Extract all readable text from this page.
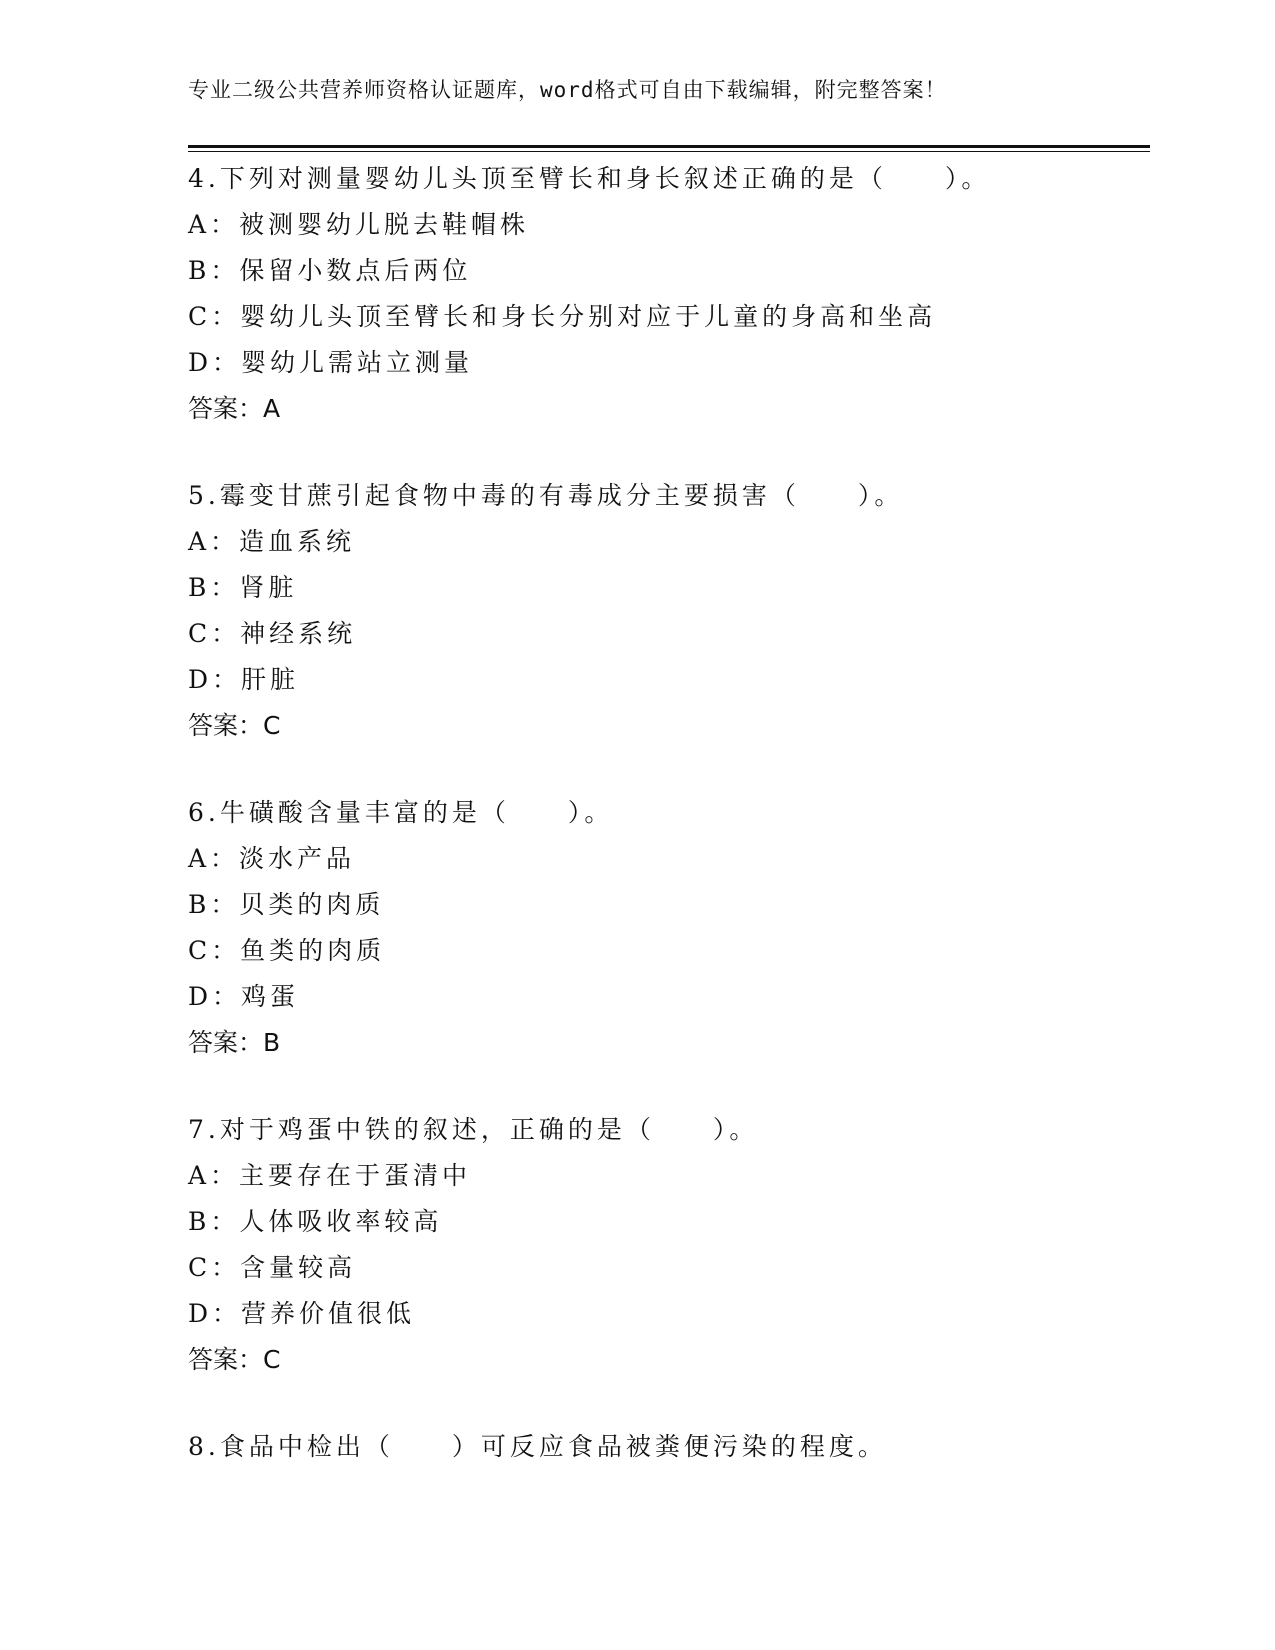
专业二级公共营养师资格认证题库，word格式可自由下载编辑，附完整答案！
4.下列对测量婴幼儿头顶至臂长和身长叙述正确的是（　　）。
A：被测婴幼儿脱去鞋帽株
B：保留小数点后两位
C：婴幼儿头顶至臂长和身长分别对应于儿童的身高和坐高
D：婴幼儿需站立测量
答案：A
5.霉变甘蔗引起食物中毒的有毒成分主要损害（　　）。
A：造血系统
B：肾脏
C：神经系统
D：肝脏
答案：C
6.牛磺酸含量丰富的是（　　）。
A：淡水产品
B：贝类的肉质
C：鱼类的肉质
D：鸡蛋
答案：B
7.对于鸡蛋中铁的叙述，正确的是（　　）。
A：主要存在于蛋清中
B：人体吸收率较高
C：含量较高
D：营养价值很低
答案：C
8.食品中检出（　　）可反应食品被粪便污染的程度。
